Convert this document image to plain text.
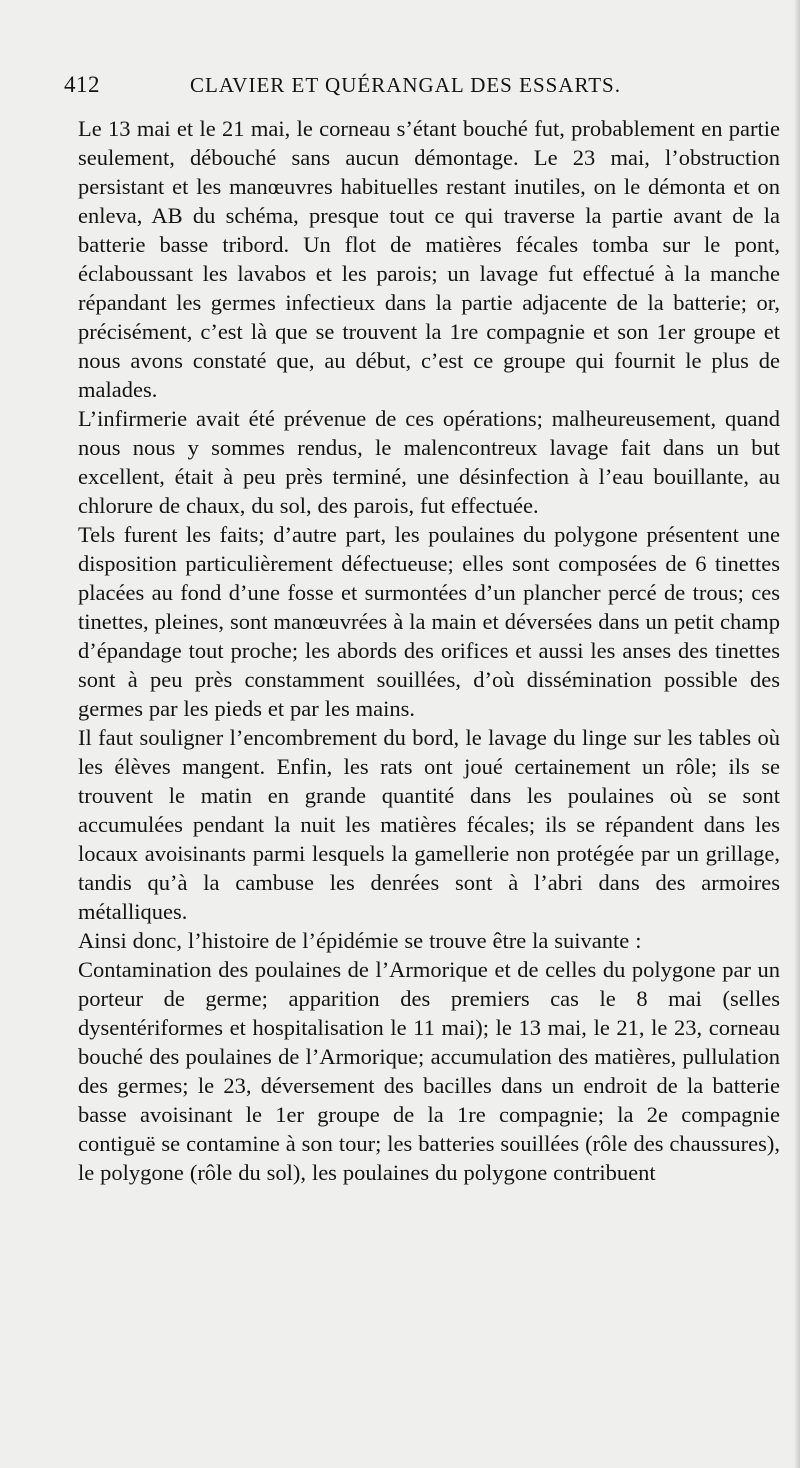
412	CLAVIER ET QUÉRANGAL DES ESSARTS.

Le 13 mai et le 21 mai, le corneau s’étant bouché fut, probablement en partie seulement, débouché sans aucun démontage. Le 23 mai, l’obstruction persistant et les manœuvres habituelles restant inutiles, on le démonta et on enleva, AB du schéma, presque tout ce qui traverse la partie avant de la batterie basse tribord. Un flot de matières fécales tomba sur le pont, éclaboussant les lavabos et les parois; un lavage fut effectué à la manche répandant les germes infectieux dans la partie adjacente de la batterie; or, précisément, c’est là que se trouvent la 1re compagnie et son 1er groupe et nous avons constaté que, au début, c’est ce groupe qui fournit le plus de malades.

L’infirmerie avait été prévenue de ces opérations; malheureusement, quand nous nous y sommes rendus, le malencontreux lavage fait dans un but excellent, était à peu près terminé, une désinfection à l’eau bouillante, au chlorure de chaux, du sol, des parois, fut effectuée.

Tels furent les faits; d’autre part, les poulaines du polygone présentent une disposition particulièrement défectueuse; elles sont composées de 6 tinettes placées au fond d’une fosse et surmontées d’un plancher percé de trous; ces tinettes, pleines, sont manœuvrées à la main et déversées dans un petit champ d’épandage tout proche; les abords des orifices et aussi les anses des tinettes sont à peu près constamment souillées, d’où dissémination possible des germes par les pieds et par les mains.

Il faut souligner l’encombrement du bord, le lavage du linge sur les tables où les élèves mangent. Enfin, les rats ont joué certainement un rôle; ils se trouvent le matin en grande quantité dans les poulaines où se sont accumulées pendant la nuit les matières fécales; ils se répandent dans les locaux avoisinants parmi lesquels la gamellerie non protégée par un grillage, tandis qu’à la cambuse les denrées sont à l’abri dans des armoires métalliques.

Ainsi donc, l’histoire de l’épidémie se trouve être la suivante :

Contamination des poulaines de l’Armorique et de celles du polygone par un porteur de germe; apparition des premiers cas le 8 mai (selles dysentériformes et hospitalisation le 11 mai); le 13 mai, le 21, le 23, corneau bouché des poulaines de l’Armorique; accumulation des matières, pullulation des germes; le 23, déversement des bacilles dans un endroit de la batterie basse avoisinant le 1er groupe de la 1re compagnie; la 2e compagnie contiguë se contamine à son tour; les batteries souillées (rôle des chaussures), le polygone (rôle du sol), les poulaines du polygone contribuent
